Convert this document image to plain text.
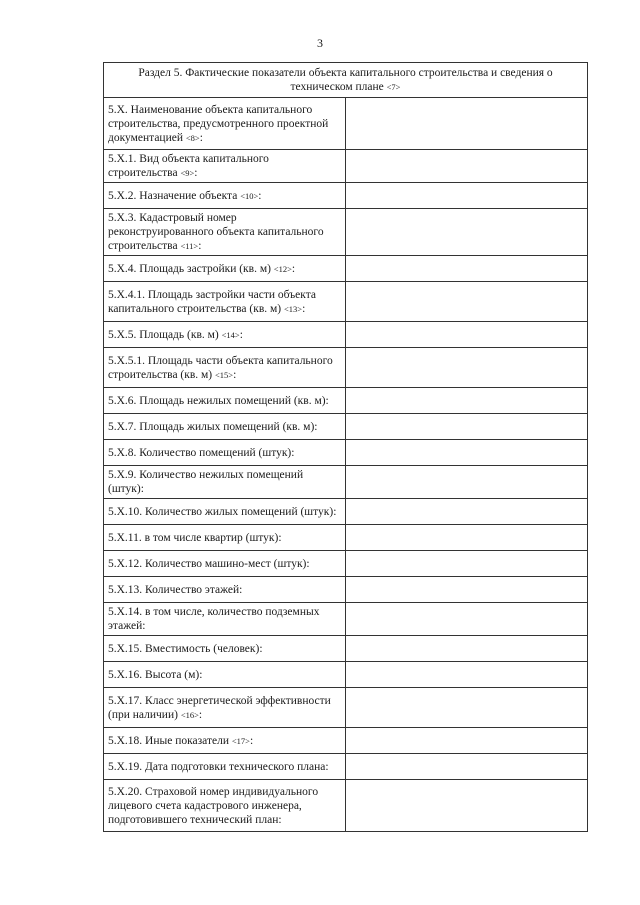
3
Раздел 5. Фактические показатели объекта капитального строительства и сведения о техническом плане <7>	
5.X. Наименование объекта капитального строительства, предусмотренного проектной документацией <8>:	
5.X.1. Вид объекта капитального строительства <9>:	
5.X.2. Назначение объекта <10>:	
5.X.3. Кадастровый номер реконструированного объекта капитального строительства <11>:	
5.X.4. Площадь застройки (кв. м) <12>:	
5.X.4.1. Площадь застройки части объекта капитального строительства (кв. м) <13>:	
5.X.5. Площадь (кв. м) <14>:	
5.X.5.1. Площадь части объекта капитального строительства (кв. м) <15>:	
5.X.6. Площадь нежилых помещений (кв. м):	
5.X.7. Площадь жилых помещений (кв. м):	
5.X.8. Количество помещений (штук):	
5.X.9. Количество нежилых помещений (штук):	
5.X.10. Количество жилых помещений (штук):	
5.X.11. в том числе квартир (штук):	
5.X.12. Количество машино-мест (штук):	
5.X.13. Количество этажей:	
5.X.14. в том числе, количество подземных этажей:	
5.X.15. Вместимость (человек):	
5.X.16. Высота (м):	
5.X.17. Класс энергетической эффективности (при наличии) <16>:	
5.X.18. Иные показатели <17>:	
5.X.19. Дата подготовки технического плана:	
5.X.20. Страховой номер индивидуального лицевого счета кадастрового инженера, подготовившего технический план:	
